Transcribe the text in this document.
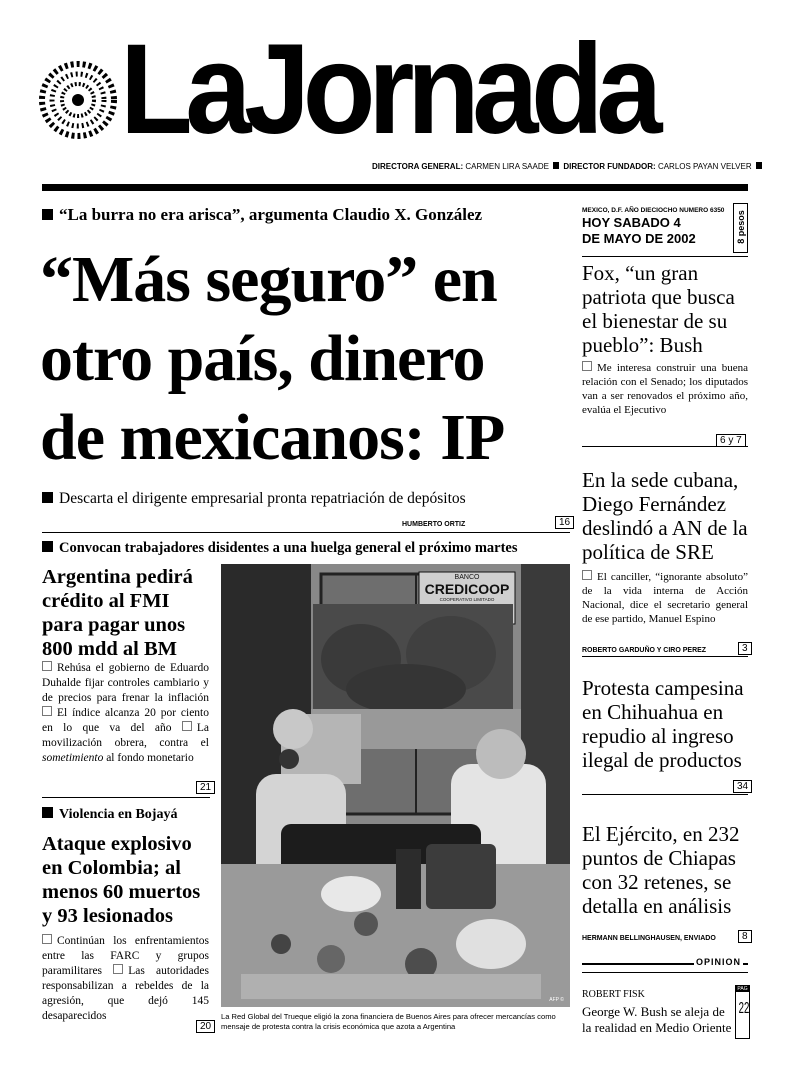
LaJornada
DIRECTORA GENERAL: CARMEN LIRA SAADE DIRECTOR FUNDADOR: CARLOS PAYAN VELVER
“La burra no era arisca”, argumenta Claudio X. González
“Más seguro” en
otro país, dinero
de mexicanos: IP
Descarta el dirigente empresarial pronta repatriación de depósitos
HUMBERTO ORTIZ	16
Convocan trabajadores disidentes a una huelga general el próximo martes
Argentina pedirá crédito al FMI para pagar unos 800 mdd al BM
Rehúsa el gobierno de Eduardo Duhalde fijar controles cambiario y de precios para frenar la inflación El índice alcanza 20 por ciento en lo que va del año La movilización obrera, contra el sometimiento al fondo monetario
21
Violencia en Bojayá
Ataque explosivo en Colombia; al menos 60 muertos y 93 lesionados
Continúan los enfrentamientos entre las FARC y grupos paramilitares Las autoridades responsabilizan a rebeldes de la agresión, que dejó 145 desaparecidos
20
BANCO
CREDICOOP
COOPERATIVO LIMITADO
AFP ©
La Red Global del Trueque eligió la zona financiera de Buenos Aires para ofrecer mercancías como mensaje de protesta contra la crisis económica que azota a Argentina
MEXICO, D.F. AÑO DIECIOCHO NUMERO 6350
HOY SABADO 4
DE MAYO DE 2002	8 pesos
Fox, “un gran patriota que busca el bienestar de su pueblo”: Bush
Me interesa construir una buena relación con el Senado; los diputados van a ser renovados el próximo año, evalúa el Ejecutivo
6 y 7
En la sede cubana, Diego Fernández deslindó a AN de la política de SRE
El canciller, “ignorante absoluto” de la vida interna de Acción Nacional, dice el secretario general de ese partido, Manuel Espino
ROBERTO GARDUÑO Y CIRO PEREZ	3
Protesta campesina en Chihuahua en repudio al ingreso ilegal de productos
34
El Ejército, en 232 puntos de Chiapas con 32 retenes, se detalla en análisis
HERMANN BELLINGHAUSEN, ENVIADO	8
OPINION
ROBERT FISK
George W. Bush se aleja de la realidad en Medio Oriente
PAG
22
